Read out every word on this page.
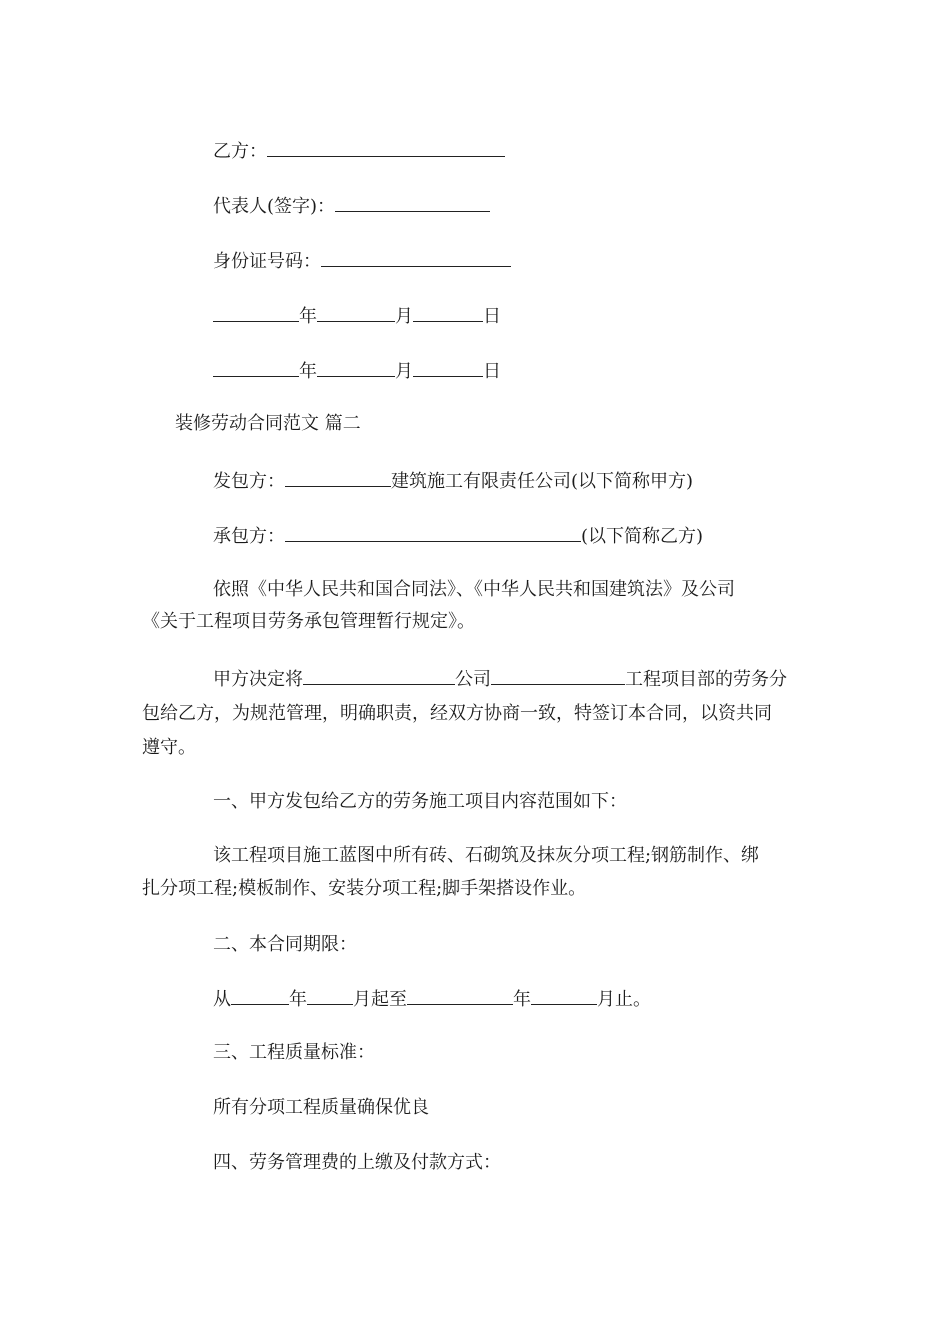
乙方：
代表人(签字)：
身份证号码：
年	月	日
年	月	日
装修劳动合同范文 篇二
发包方：	建筑施工有限责任公司(以下简称甲方)
承包方：	(以下简称乙方)
依照《中华人民共和国合同法》、《中华人民共和国建筑法》及公司
《关于工程项目劳务承包管理暂行规定》。
甲方决定将	公司	工程项目部的劳务分
包给乙方，为规范管理，明确职责，经双方协商一致，特签订本合同，以资共同
遵守。
一、甲方发包给乙方的劳务施工项目内容范围如下：
该工程项目施工蓝图中所有砖、石砌筑及抹灰分项工程;钢筋制作、绑
扎分项工程;模板制作、安装分项工程;脚手架搭设作业。
二、本合同期限：
从	年	月起至	年	月止。
三、工程质量标准：
所有分项工程质量确保优良
四、劳务管理费的上缴及付款方式：
